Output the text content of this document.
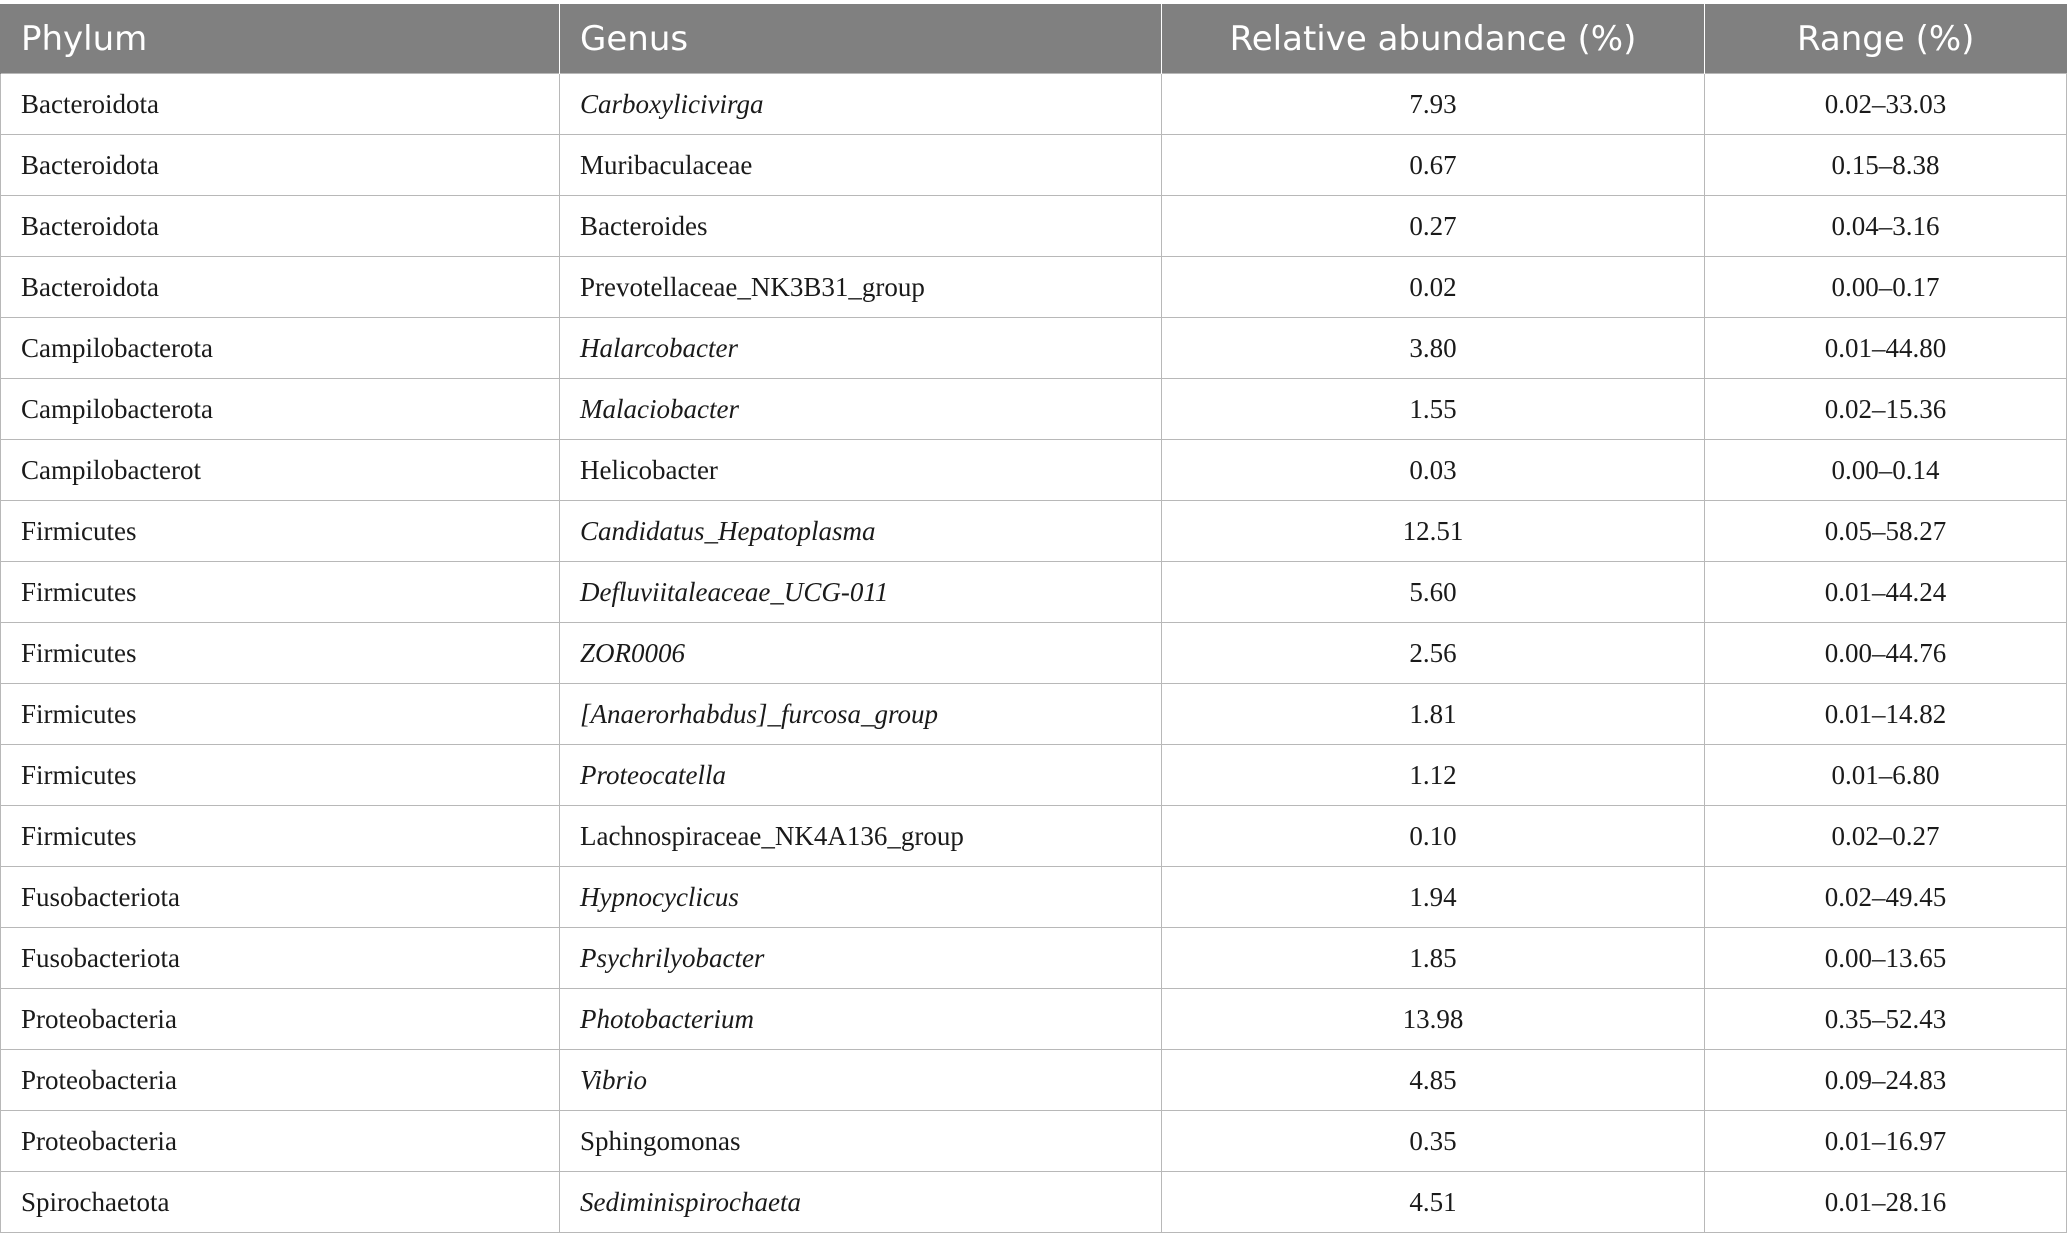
Phylum	Genus	Relative abundance (%)	Range (%)
Bacteroidota	Carboxylicivirga	7.93	0.02–33.03
Bacteroidota	Muribaculaceae	0.67	0.15–8.38
Bacteroidota	Bacteroides	0.27	0.04–3.16
Bacteroidota	Prevotellaceae_NK3B31_group	0.02	0.00–0.17
Campilobacterota	Halarcobacter	3.80	0.01–44.80
Campilobacterota	Malaciobacter	1.55	0.02–15.36
Campilobacterot	Helicobacter	0.03	0.00–0.14
Firmicutes	Candidatus_Hepatoplasma	12.51	0.05–58.27
Firmicutes	Defluviitaleaceae_UCG-011	5.60	0.01–44.24
Firmicutes	ZOR0006	2.56	0.00–44.76
Firmicutes	[Anaerorhabdus]_furcosa_group	1.81	0.01–14.82
Firmicutes	Proteocatella	1.12	0.01–6.80
Firmicutes	Lachnospiraceae_NK4A136_group	0.10	0.02–0.27
Fusobacteriota	Hypnocyclicus	1.94	0.02–49.45
Fusobacteriota	Psychrilyobacter	1.85	0.00–13.65
Proteobacteria	Photobacterium	13.98	0.35–52.43
Proteobacteria	Vibrio	4.85	0.09–24.83
Proteobacteria	Sphingomonas	0.35	0.01–16.97
Spirochaetota	Sediminispirochaeta	4.51	0.01–28.16
